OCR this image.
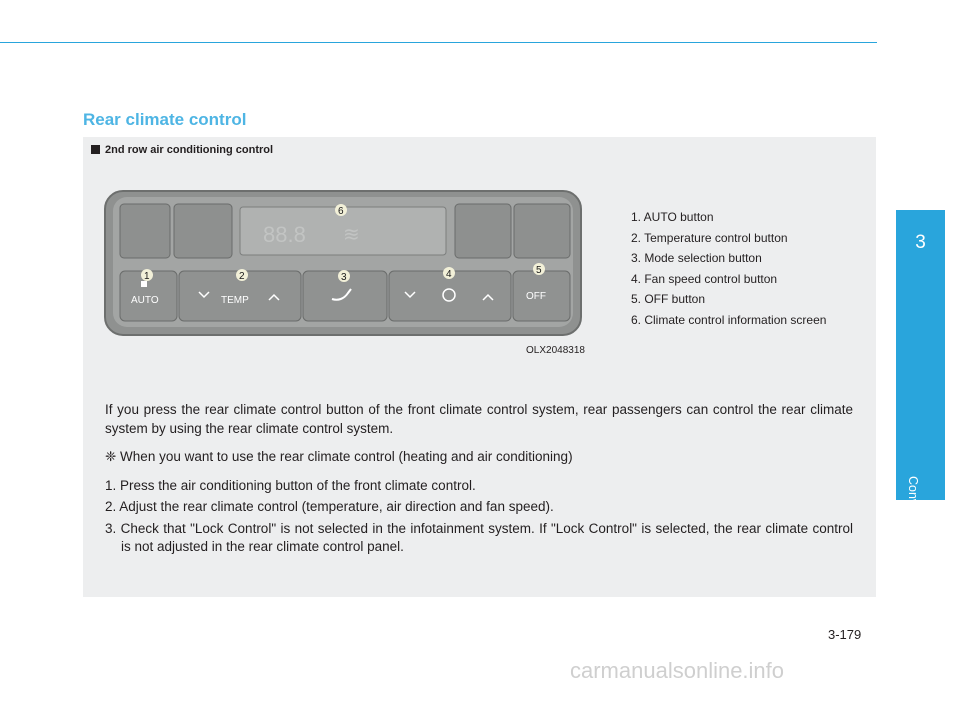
Rear climate control
3
Convenient features of your vehicle
2nd row air conditioning control
88.8 ≋
AUTO	TEMP	OFF
1	2	3	4	5
6
OLX2048318
1. AUTO button
2. Temperature control button
3. Mode selection button
4. Fan speed control button
5. OFF button
6. Climate control information screen

If you press the rear climate control button of the front climate control system, rear passengers can control the rear climate system by using the rear climate control system.

❈ When you want to use the rear climate control (heating and air conditioning)

1. Press the air conditioning button of the front climate control.
2. Adjust the rear climate control (temperature, air direction and fan speed).
3. Check that "Lock Control" is not selected in the infotainment system. If "Lock Control" is selected, the rear climate control is not adjusted in the rear climate control panel.
3-179
carmanualsonline.info
